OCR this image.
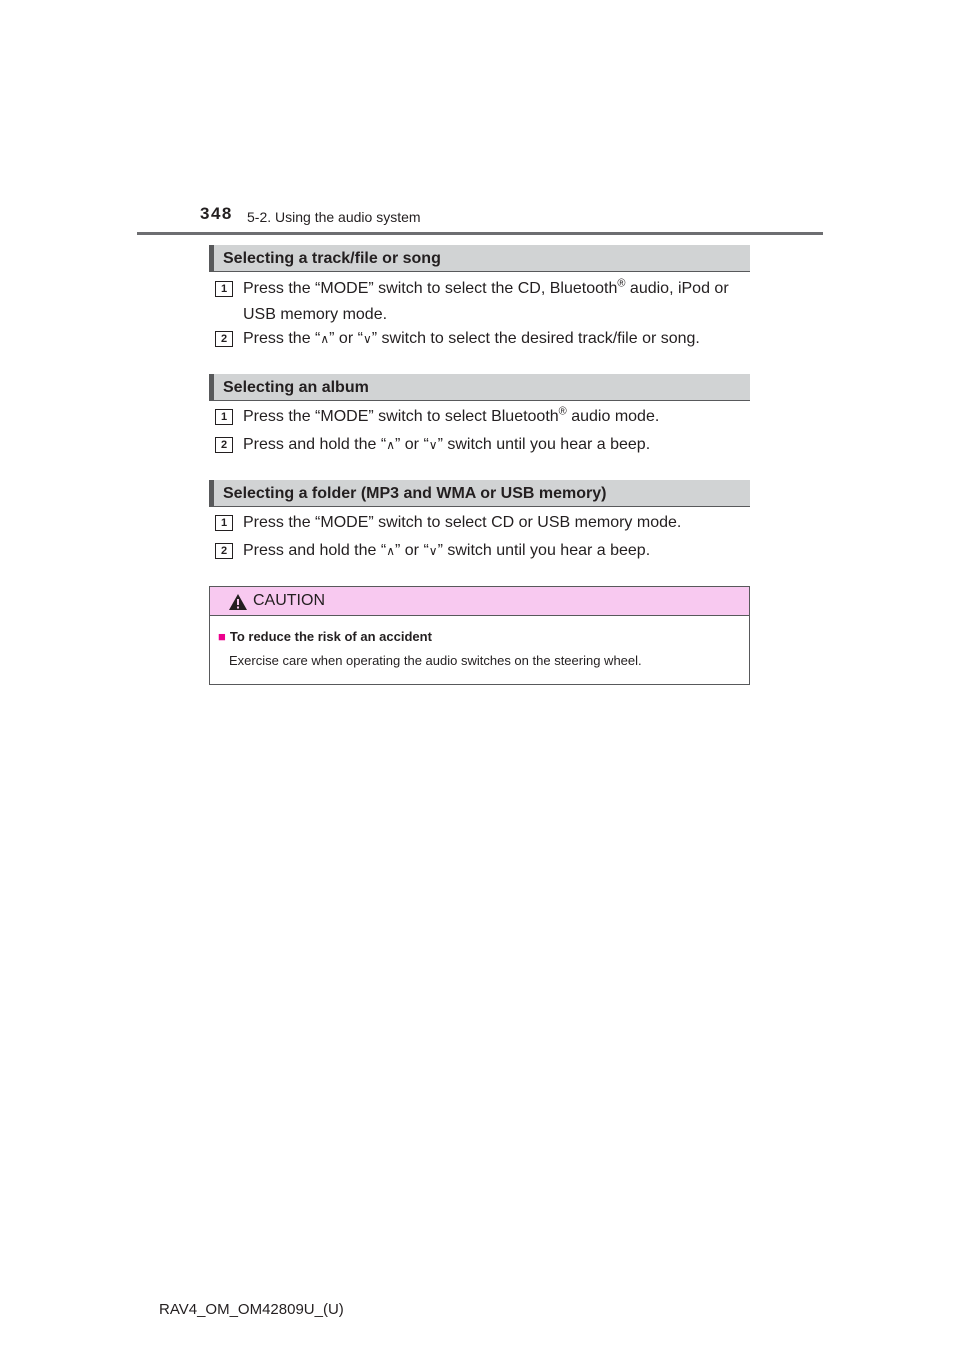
348 5-2. Using the audio system
Selecting a track/file or song
1 Press the “MODE” switch to select the CD, Bluetooth® audio, iPod or USB memory mode.
2 Press the “∧” or “∨” switch to select the desired track/file or song.
Selecting an album
1 Press the “MODE” switch to select Bluetooth® audio mode.
2 Press and hold the “∧” or “∨” switch until you hear a beep.
Selecting a folder (MP3 and WMA or USB memory)
1 Press the “MODE” switch to select CD or USB memory mode.
2 Press and hold the “∧” or “∨” switch until you hear a beep.
CAUTION
■ To reduce the risk of an accident
Exercise care when operating the audio switches on the steering wheel.
RAV4_OM_OM42809U_(U)
